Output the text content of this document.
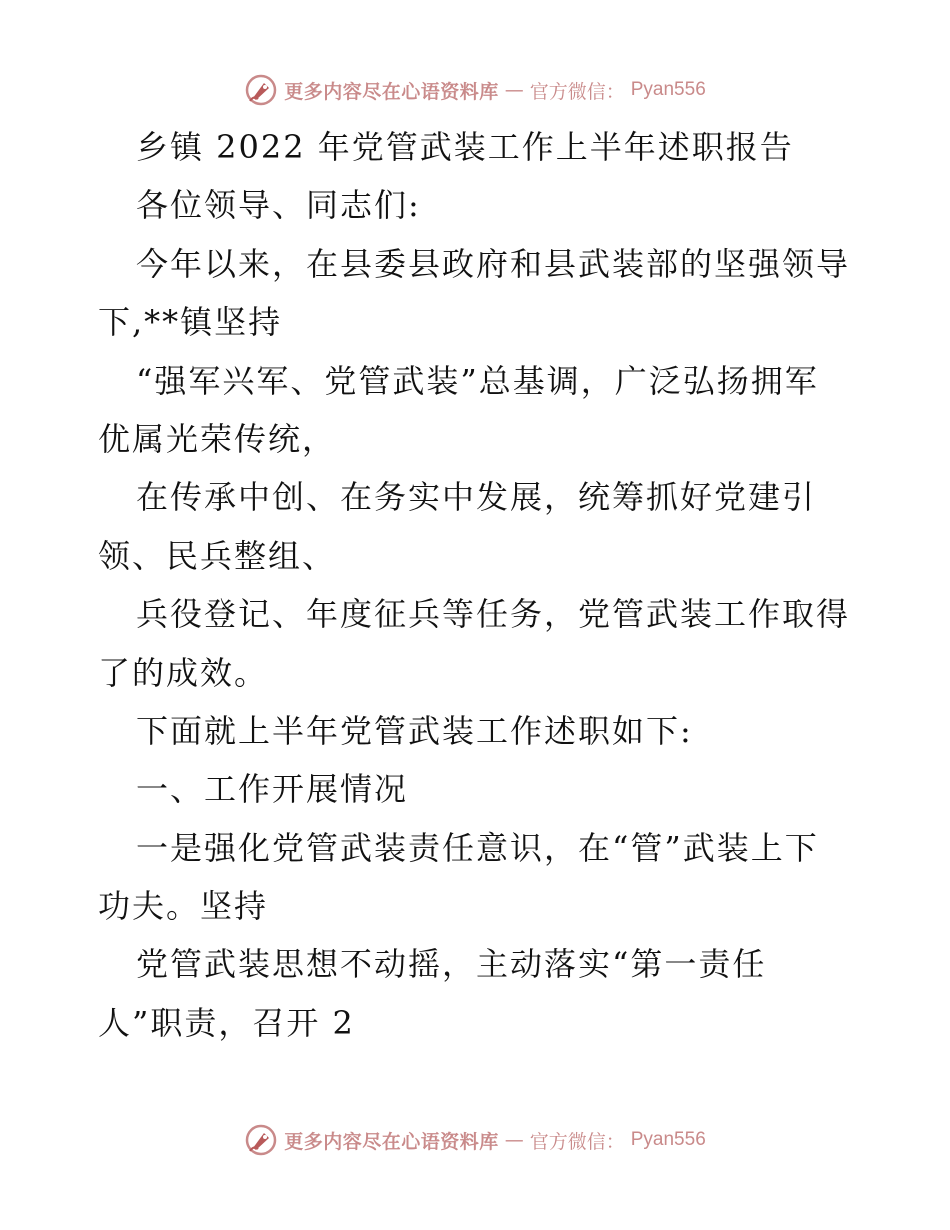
更多内容尽在心语资料库 — 官方微信： Pyan556
乡镇 2022 年党管武装工作上半年述职报告
各位领导、同志们:
今年以来，在县委县政府和县武装部的坚强领导
下,**镇坚持
“强军兴军、党管武装”总基调，广泛弘扬拥军
优属光荣传统，
在传承中创、在务实中发展，统筹抓好党建引
领、民兵整组、
兵役登记、年度征兵等任务，党管武装工作取得
了的成效。
下面就上半年党管武装工作述职如下:
一、工作开展情况
一是强化党管武装责任意识，在“管”武装上下
功夫。坚持
党管武装思想不动摇，主动落实“第一责任
人”职责，召开 2
更多内容尽在心语资料库 — 官方微信： Pyan556
